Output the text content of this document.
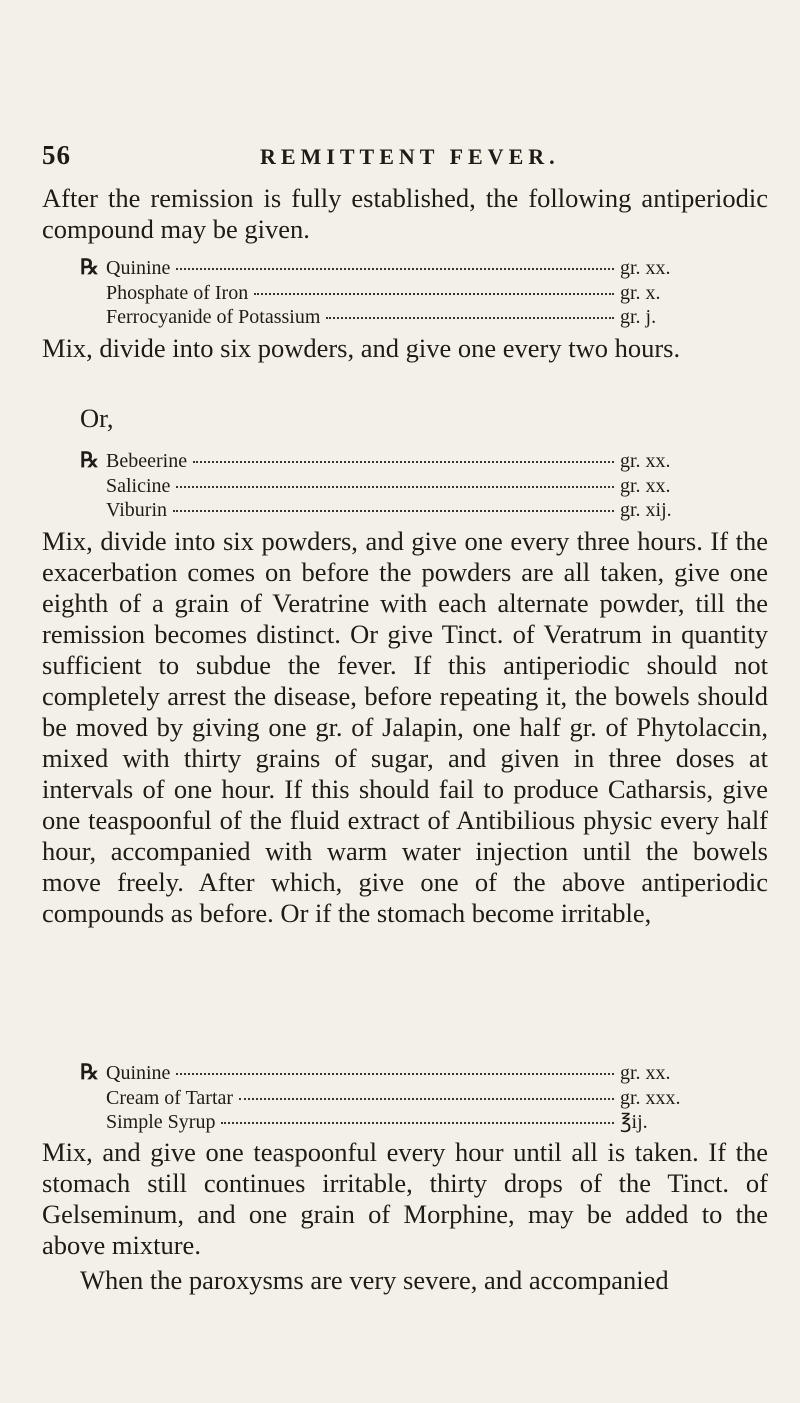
56	REMITTENT FEVER.

After the remission is fully established, the following antiperiodic compound may be given.

℞ Quinine	gr. xx.
Phosphate of Iron	gr. x.
Ferrocyanide of Potassium	gr. j.

Mix, divide into six powders, and give one every two hours.

Or,
℞ Bebeerine	gr. xx.
Salicine	gr. xx.
Viburin	gr. xij.

Mix, divide into six powders, and give one every three hours. If the exacerbation comes on before the powders are all taken, give one eighth of a grain of Veratrine with each alternate powder, till the remission becomes distinct. Or give Tinct. of Veratrum in quantity sufficient to subdue the fever. If this antiperiodic should not completely arrest the disease, before repeating it, the bowels should be moved by giving one gr. of Jalapin, one half gr. of Phytolaccin, mixed with thirty grains of sugar, and given in three doses at intervals of one hour. If this should fail to produce Catharsis, give one teaspoonful of the fluid extract of Antibilious physic every half hour, accompanied with warm water injection until the bowels move freely. After which, give one of the above antiperiodic compounds as before. Or if the stomach become irritable,

℞ Quinine	gr. xx.
Cream of Tartar	gr. xxx.
Simple Syrup	℥ij.

Mix, and give one teaspoonful every hour until all is taken. If the stomach still continues irritable, thirty drops of the Tinct. of Gelseminum, and one grain of Morphine, may be added to the above mixture.

When the paroxysms are very severe, and accompanied
